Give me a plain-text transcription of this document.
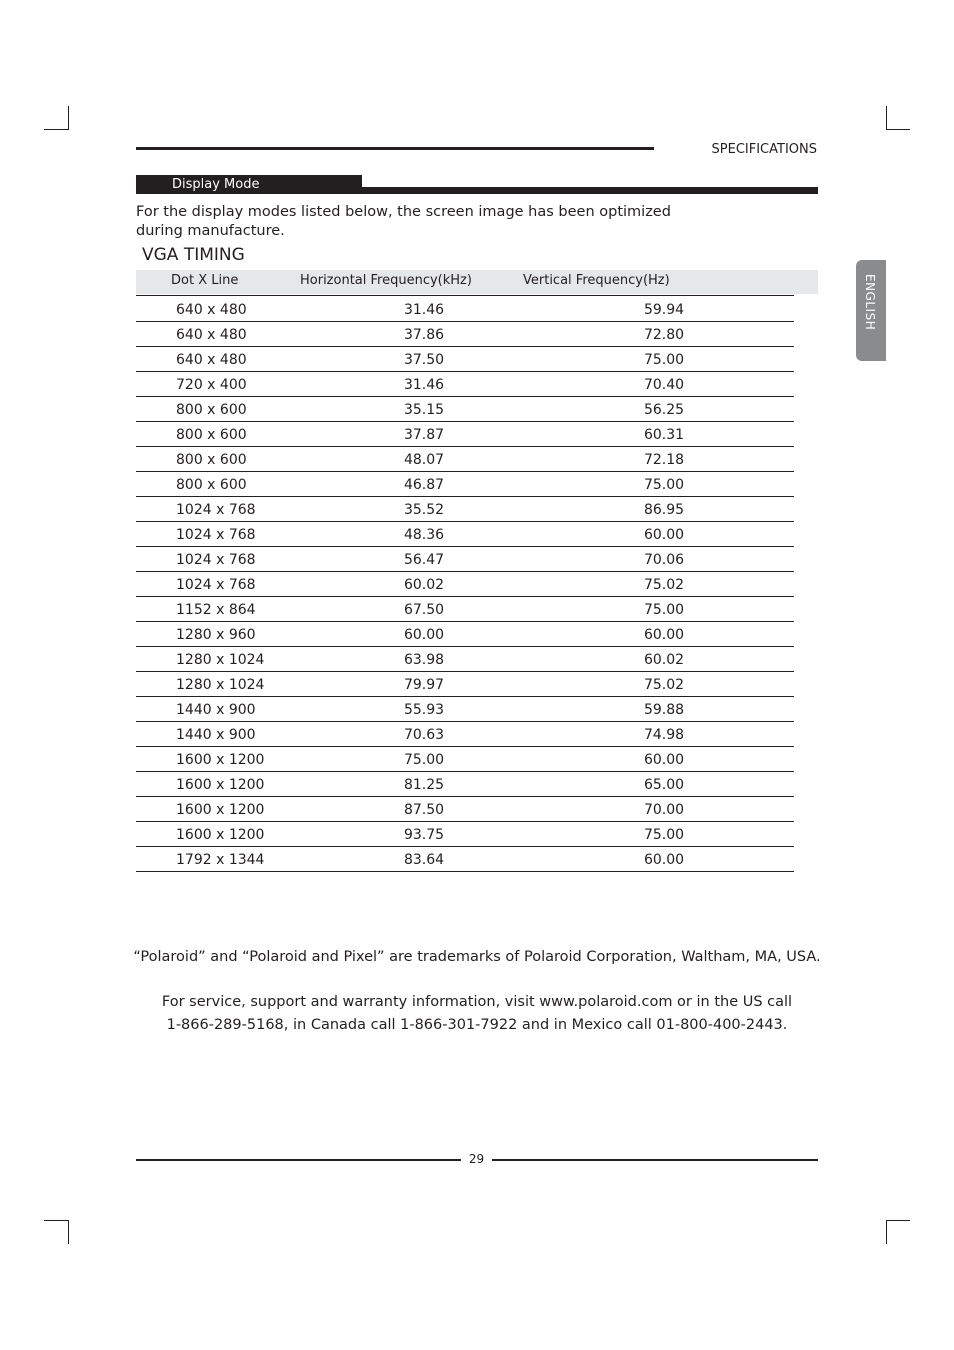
SPECIFICATIONS
Display Mode
For the display modes listed below, the screen image has been optimized during manufacture.
VGA TIMING
ENGLISH
Dot X Line	Horizontal Frequency(kHz)	Vertical Frequency(Hz)
640 x 480	31.46	59.94
640 x 480	37.86	72.80
640 x 480	37.50	75.00
720 x 400	31.46	70.40
800 x 600	35.15	56.25
800 x 600	37.87	60.31
800 x 600	48.07	72.18
800 x 600	46.87	75.00
1024 x 768	35.52	86.95
1024 x 768	48.36	60.00
1024 x 768	56.47	70.06
1024 x 768	60.02	75.02
1152 x 864	67.50	75.00
1280 x 960	60.00	60.00
1280 x 1024	63.98	60.02
1280 x 1024	79.97	75.02
1440 x 900	55.93	59.88
1440 x 900	70.63	74.98
1600 x 1200	75.00	60.00
1600 x 1200	81.25	65.00
1600 x 1200	87.50	70.00
1600 x 1200	93.75	75.00
1792 x 1344	83.64	60.00
“Polaroid” and “Polaroid and Pixel” are trademarks of Polaroid Corporation, Waltham, MA, USA.
For service, support and warranty information, visit www.polaroid.com or in the US call
1-866-289-5168, in Canada call 1-866-301-7922 and in Mexico call 01-800-400-2443.
29
